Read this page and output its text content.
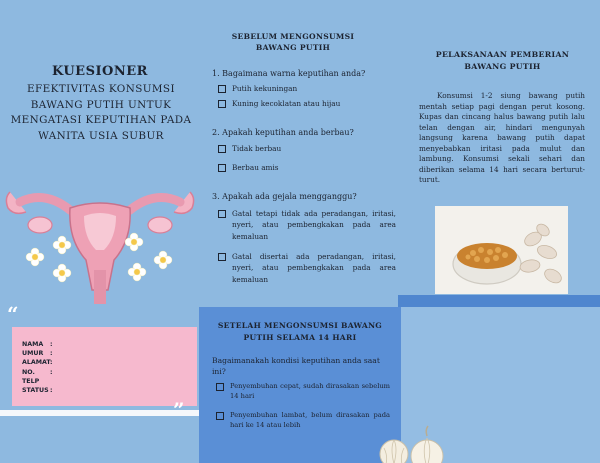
KUESIONER
EFEKTIVITAS KONSUMSI
BAWANG PUTIH UNTUK
MENGATASI KEPUTIHAN PADA
WANITA USIA SUBUR
“
NAMA	:
UMUR	:
ALAMAT :
NO. TELP
:
STATUS :
SEBELUM MENGONSUMSI
BAWANG PUTIH
1. Bagaimana warna keputihan anda?
Putih kekuningan
Kuning kecoklatan atau hijau
2. Apakah keputihan anda berbau?
Tidak berbau
Berbau amis
3. Apakah ada gejala mengganggu?
Gatal tetapi tidak ada peradangan, iritasi, nyeri, atau pembengkakan pada area kemaluan
Gatal disertai ada peradangan, iritasi, nyeri, atau pembengkakan pada area kemaluan
SETELAH MENGONSUMSI BAWANG
PUTIH SELAMA 14 HARI
Bagaimanakah kondisi keputihan anda saat ini?
Penyembuhan cepat, sudah dirasakan sebelum 14 hari
Penyembuhan lambat, belum dirasakan pada hari ke 14 atau lebih
PELAKSANAAN PEMBERIAN
BAWANG PUTIH
Konsumsi 1-2 siung bawang putih mentah setiap pagi dengan perut kosong. Kupas dan cincang halus bawang putih lalu telan dengan air, hindari mengunyah langsung karena bawang putih dapat menyebabkan iritasi pada mulut dan lambung. Konsumsi sekali sehari dan diberikan selama 14 hari secara berturut-turut.
